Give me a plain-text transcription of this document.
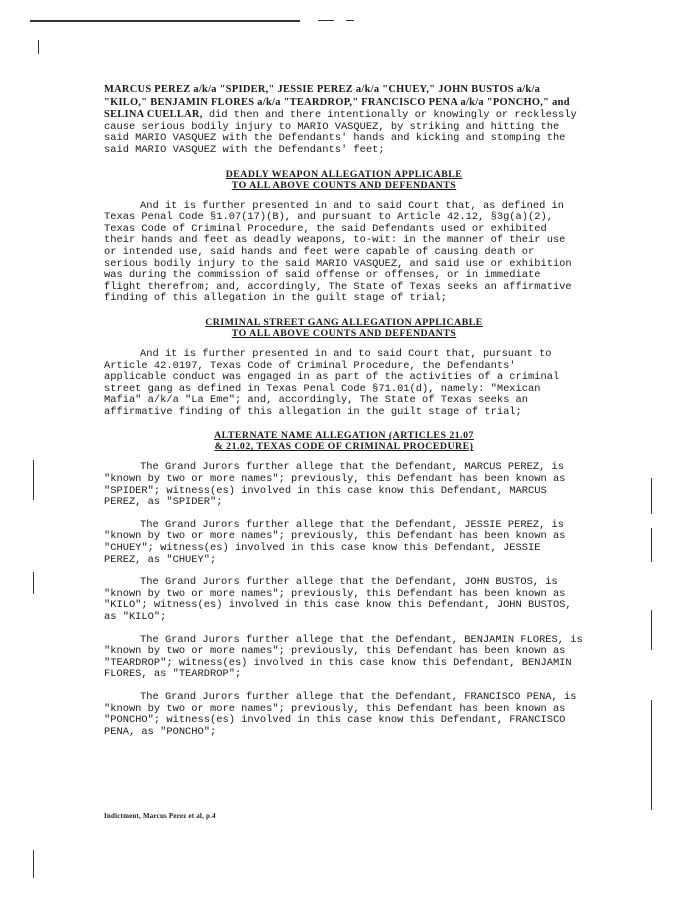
MARCUS PEREZ a/k/a "SPIDER," JESSIE PEREZ a/k/a "CHUEY," JOHN BUSTOS a/k/a "KILO," BENJAMIN FLORES a/k/a "TEARDROP," FRANCISCO PENA a/k/a "PONCHO," and SELINA CUELLAR, did then and there intentionally or knowingly or recklessly cause serious bodily injury to MARIO VASQUEZ, by striking and hitting the said MARIO VASQUEZ with the Defendants' hands and kicking and stomping the said MARIO VASQUEZ with the Defendants' feet;

DEADLY WEAPON ALLEGATION APPLICABLE
TO ALL ABOVE COUNTS AND DEFENDANTS

And it is further presented in and to said Court that, as defined in Texas Penal Code §1.07(17)(B), and pursuant to Article 42.12, §3g(a)(2), Texas Code of Criminal Procedure, the said Defendants used or exhibited their hands and feet as deadly weapons, to-wit: in the manner of their use or intended use, said hands and feet were capable of causing death or serious bodily injury to the said MARIO VASQUEZ, and said use or exhibition was during the commission of said offense or offenses, or in immediate flight therefrom; and, accordingly, The State of Texas seeks an affirmative finding of this allegation in the guilt stage of trial;

CRIMINAL STREET GANG ALLEGATION APPLICABLE
TO ALL ABOVE COUNTS AND DEFENDANTS

And it is further presented in and to said Court that, pursuant to Article 42.0197, Texas Code of Criminal Procedure, the Defendants' applicable conduct was engaged in as part of the activities of a criminal street gang as defined in Texas Penal Code §71.01(d), namely: "Mexican Mafia" a/k/a "La Eme"; and, accordingly, The State of Texas seeks an affirmative finding of this allegation in the guilt stage of trial;

ALTERNATE NAME ALLEGATION (ARTICLES 21.07
& 21.02, TEXAS CODE OF CRIMINAL PROCEDURE)

The Grand Jurors further allege that the Defendant, MARCUS PEREZ, is "known by two or more names"; previously, this Defendant has been known as "SPIDER"; witness(es) involved in this case know this Defendant, MARCUS PEREZ, as "SPIDER";

The Grand Jurors further allege that the Defendant, JESSIE PEREZ, is "known by two or more names"; previously, this Defendant has been known as "CHUEY"; witness(es) involved in this case know this Defendant, JESSIE PEREZ, as "CHUEY";

The Grand Jurors further allege that the Defendant, JOHN BUSTOS, is "known by two or more names"; previously, this Defendant has been known as "KILO"; witness(es) involved in this case know this Defendant, JOHN BUSTOS, as "KILO";

The Grand Jurors further allege that the Defendant, BENJAMIN FLORES, is "known by two or more names"; previously, this Defendant has been known as "TEARDROP"; witness(es) involved in this case know this Defendant, BENJAMIN FLORES, as "TEARDROP";

The Grand Jurors further allege that the Defendant, FRANCISCO PENA, is "known by two or more names"; previously, this Defendant has been known as "PONCHO"; witness(es) involved in this case know this Defendant, FRANCISCO PENA, as "PONCHO";

Indictment, Marcus Perez et al, p.4
